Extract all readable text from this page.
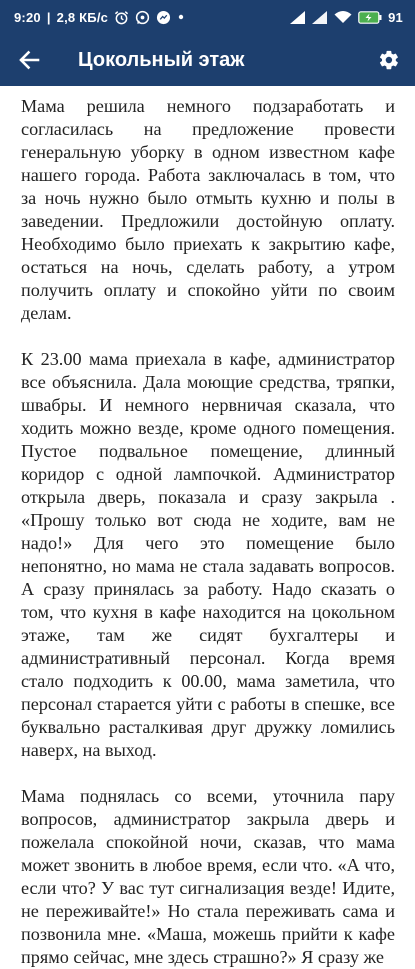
9:20 | 2,8 КБ/с	91
Цокольный этаж

Мама решила немного подзаработать и согласилась на предложение провести генеральную уборку в одном известном кафе нашего города. Работа заключалась в том, что за ночь нужно было отмыть кухню и полы в заведении. Предложили достойную оплату. Необходимо было приехать к закрытию кафе, остаться на ночь, сделать работу, а утром получить оплату и спокойно уйти по своим делам.

К 23.00 мама приехала в кафе, администратор все объяснила. Дала моющие средства, тряпки, швабры. И немного нервничая сказала, что ходить можно везде, кроме одного помещения. Пустое подвальное помещение, длинный коридор с одной лампочкой. Администратор открыла дверь, показала и сразу закрыла . «Прошу только вот сюда не ходите, вам не надо!» Для чего это помещение было непонятно, но мама не стала задавать вопросов. А сразу принялась за работу. Надо сказать о том, что кухня в кафе находится на цокольном этаже, там же сидят бухгалтеры и административный персонал. Когда время стало подходить к 00.00, мама заметила, что персонал старается уйти с работы в спешке, все буквально расталкивая друг дружку ломились наверх, на выход.

Мама поднялась со всеми, уточнила пару вопросов, администратор закрыла дверь и пожелала спокойной ночи, сказав, что мама может звонить в любое время, если что. «А что, если что? У вас тут сигнализация везде! Идите, не переживайте!» Но стала переживать сама и позвонила мне. «Маша, можешь прийти к кафе прямо сейчас, мне здесь страшно?» Я сразу же
